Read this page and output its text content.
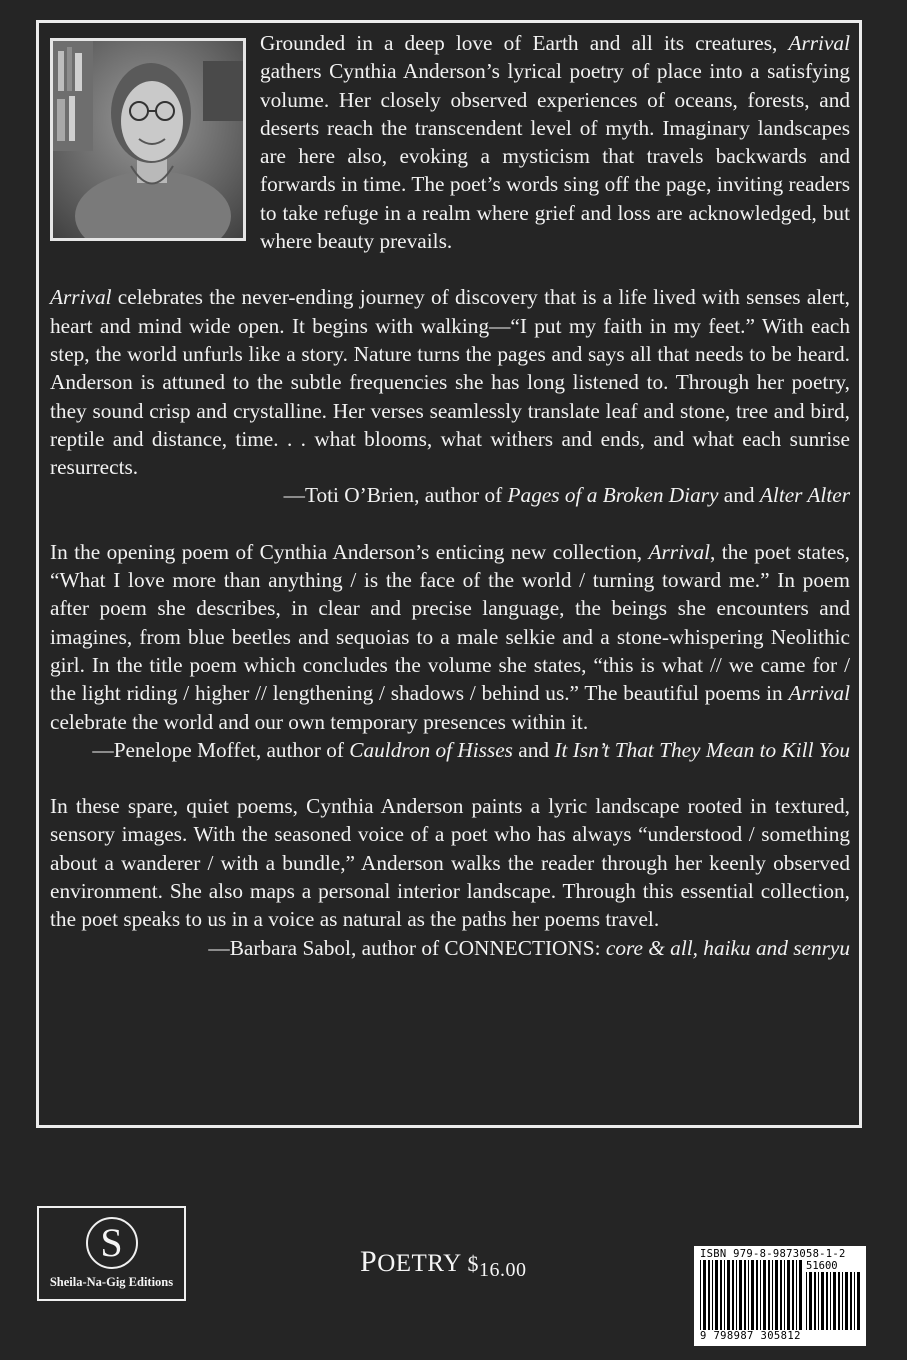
Grounded in a deep love of Earth and all its creatures, Arrival gathers Cynthia Anderson’s lyrical poetry of place into a satisfying volume. Her closely observed experiences of oceans, forests, and deserts reach the transcendent level of myth. Imaginary landscapes are here also, evoking a mysticism that travels backwards and forwards in time. The poet’s words sing off the page, inviting readers to take refuge in a realm where grief and loss are acknowledged, but where beauty prevails.

Arrival celebrates the never-ending journey of discovery that is a life lived with senses alert, heart and mind wide open. It begins with walking—“I put my faith in my feet.” With each step, the world unfurls like a story. Nature turns the pages and says all that needs to be heard. Anderson is attuned to the subtle frequencies she has long listened to. Through her poetry, they sound crisp and crystalline. Her verses seamlessly translate leaf and stone, tree and bird, reptile and distance, time. . . what blooms, what withers and ends, and what each sunrise resurrects.

—Toti O’Brien, author of Pages of a Broken Diary and Alter Alter

In the opening poem of Cynthia Anderson’s enticing new collection, Arrival, the poet states, “What I love more than anything / is the face of the world / turning toward me.” In poem after poem she describes, in clear and precise language, the beings she encounters and imagines, from blue beetles and sequoias to a male selkie and a stone-whispering Neolithic girl. In the title poem which concludes the volume she states, “this is what // we came for / the light riding / higher // lengthening / shadows / behind us.” The beautiful poems in Arrival celebrate the world and our own temporary presences within it.

—Penelope Moffet, author of Cauldron of Hisses and It Isn’t That They Mean to Kill You

In these spare, quiet poems, Cynthia Anderson paints a lyric landscape rooted in textured, sensory images. With the seasoned voice of a poet who has always “understood / something about a wanderer / with a bundle,” Anderson walks the reader through her keenly observed environment. She also maps a personal interior landscape. Through this essential collection, the poet speaks to us in a voice as natural as the paths her poems travel.

—Barbara Sabol, author of CONNECTIONS: core & all, haiku and senryu

S
Sheila-Na-Gig Editions
POETRY $\$_{16.00}$
ISBN 979-8-9873058-1-2
51600
9 798987 305812
